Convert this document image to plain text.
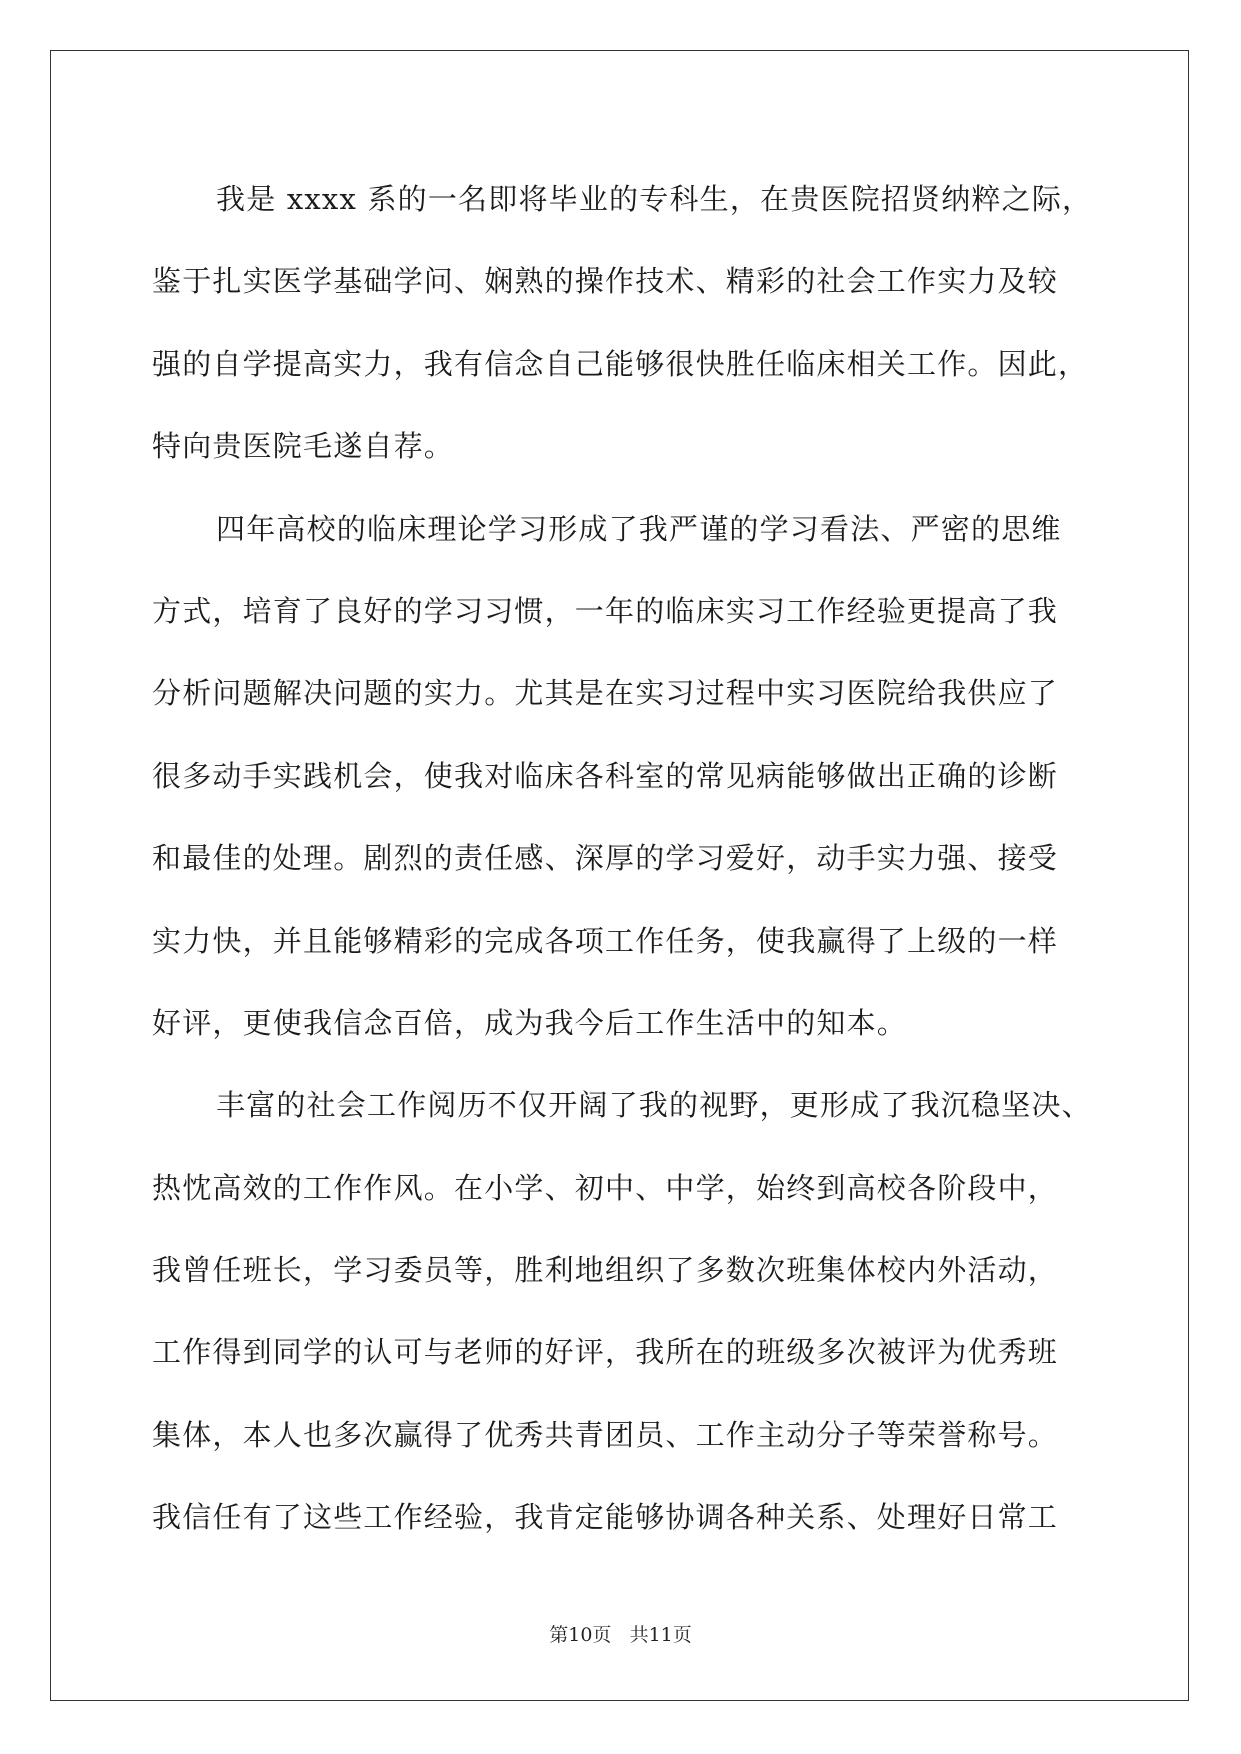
我是 xxxx 系的一名即将毕业的专科生，在贵医院招贤纳粹之际，
鉴于扎实医学基础学问、娴熟的操作技术、精彩的社会工作实力及较
强的自学提高实力，我有信念自己能够很快胜任临床相关工作。因此，
特向贵医院毛遂自荐。
四年高校的临床理论学习形成了我严谨的学习看法、严密的思维
方式，培育了良好的学习习惯，一年的临床实习工作经验更提高了我
分析问题解决问题的实力。尤其是在实习过程中实习医院给我供应了
很多动手实践机会，使我对临床各科室的常见病能够做出正确的诊断
和最佳的处理。剧烈的责任感、深厚的学习爱好，动手实力强、接受
实力快，并且能够精彩的完成各项工作任务，使我赢得了上级的一样
好评，更使我信念百倍，成为我今后工作生活中的知本。
丰富的社会工作阅历不仅开阔了我的视野，更形成了我沉稳坚决、
热忱高效的工作作风。在小学、初中、中学，始终到高校各阶段中，
我曾任班长，学习委员等，胜利地组织了多数次班集体校内外活动，
工作得到同学的认可与老师的好评，我所在的班级多次被评为优秀班
集体，本人也多次赢得了优秀共青团员、工作主动分子等荣誉称号。
我信任有了这些工作经验，我肯定能够协调各种关系、处理好日常工
第10页 共11页
